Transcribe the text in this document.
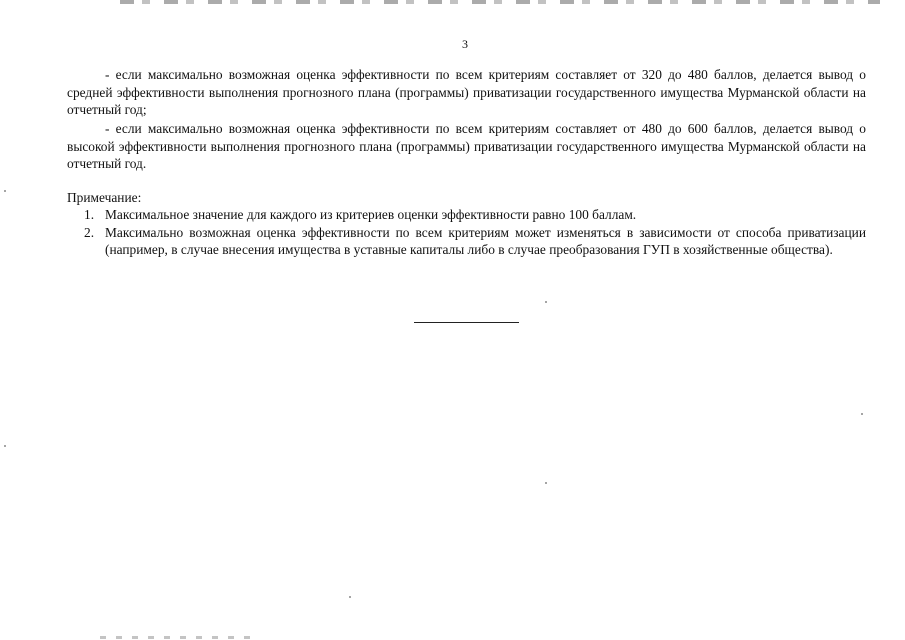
3

- если максимально возможная оценка эффективности по всем критериям составляет от 320 до 480 баллов, делается вывод о средней эффективности выполнения прогнозного плана (программы) приватизации государственного имущества Мурманской области на отчетный год;

- если максимально возможная оценка эффективности по всем критериям составляет от 480 до 600 баллов, делается вывод о высокой эффективности выполнения прогнозного плана (программы) приватизации государственного имущества Мурманской области на отчетный год.

Примечание:

1. Максимальное значение для каждого из критериев оценки эффективности равно 100 баллам.
2. Максимально возможная оценка эффективности по всем критериям может изменяться в зависимости от способа приватизации (например, в случае внесения имущества в уставные капиталы либо в случае преобразования ГУП в хозяйственные общества).
